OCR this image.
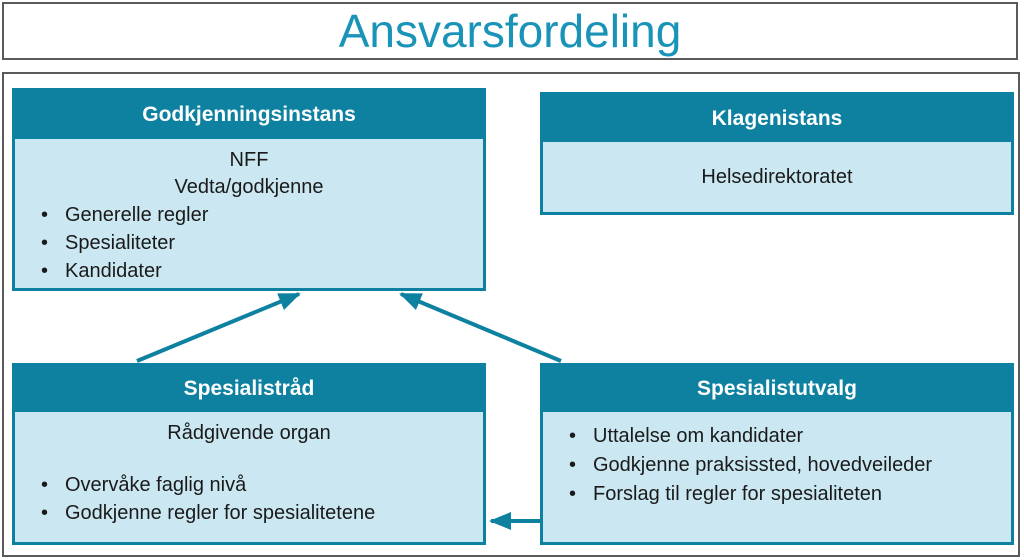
Ansvarsfordeling
Godkjenningsinstans
NFF
Vedta/godkjenne
• Generelle regler
• Spesialiteter
• Kandidater
Klagenistans
Helsedirektoratet
Spesialistråd
Rådgivende organ
• Overvåke faglig nivå
• Godkjenne regler for spesialitetene
Spesialistutvalg
• Uttalelse om kandidater
• Godkjenne praksissted, hovedveileder
• Forslag til regler for spesialiteten
